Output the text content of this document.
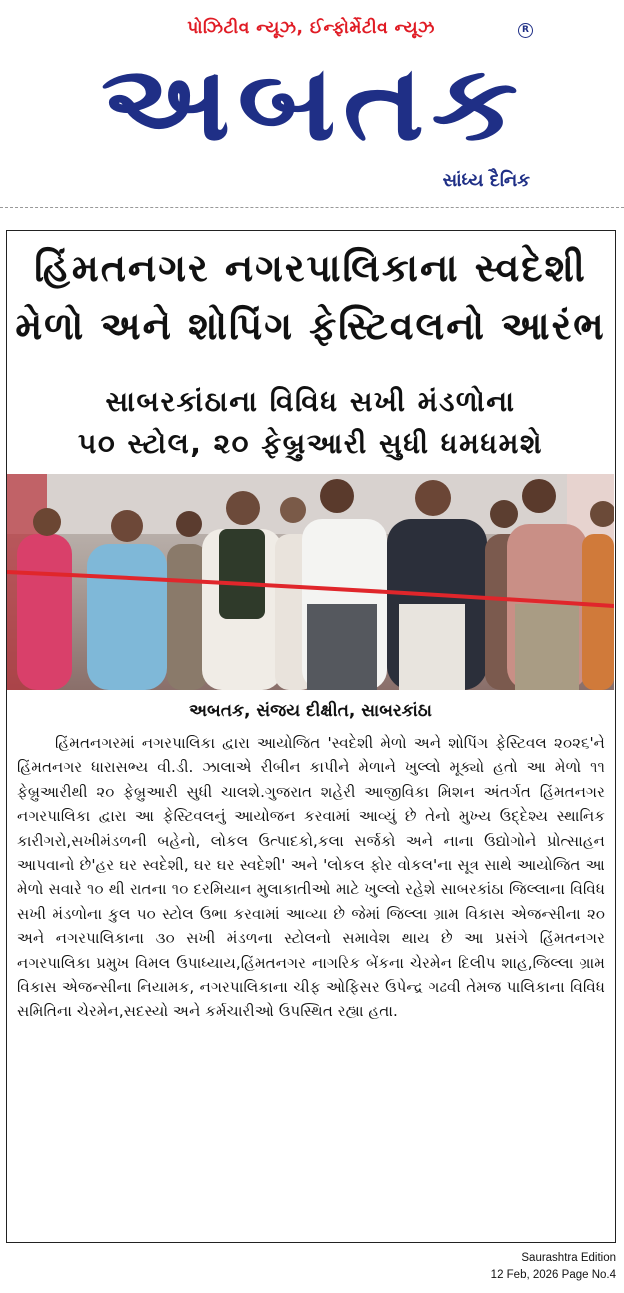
પોઝિટીવ ન્યૂઝ, ઈન્ફોર્મેટીવ ન્યૂઝ	R
અબતક
સાંધ્ય દૈનિક
હિંમતનગર નગરપાલિકાના સ્વદેશી
મેળો અને શોપિંગ ફેસ્ટિવલનો આરંભ
સાબરકાંઠાના વિવિધ સખી મંડળોના
૫૦ સ્ટોલ, ૨૦ ફેબ્રુઆરી સુધી ધમધમશે
અબતક, સંજય દીક્ષીત, સાબરકાંઠા

હિંમતનગરમાં નગરપાલિકા દ્વારા આયોજિત 'સ્વદેશી મેળો અને શોપિંગ ફેસ્ટિવલ ૨૦૨૬'ને હિંમતનગર ધારાસભ્ય વી.ડી. ઝાલાએ રીબીન કાપીને મેળાને ખુલ્લો મૂક્યો હતો આ મેળો ૧૧ ફેબ્રુઆરીથી ૨૦ ફેબ્રુઆરી સુધી ચાલશે.ગુજરાત શહેરી આજીવિકા મિશન અંતર્ગત હિંમતનગર નગરપાલિકા દ્વારા આ ફેસ્ટિવલનું આયોજન કરવામાં આવ્યું છે તેનો મુખ્ય ઉદ્દેશ્ય સ્થાનિક કારીગરો,સખીમંડળની બહેનો, લોકલ ઉત્પાદકો,કલા સર્જકો અને નાના ઉદ્યોગોને પ્રોત્સાહન આપવાનો છે'હર ઘર સ્વદેશી, ઘર ઘર સ્વદેશી' અને 'લોકલ ફોર વોકલ'ના સૂત્ર સાથે આયોજિત આ મેળો સવારે ૧૦ થી રાતના ૧૦ દરમિયાન મુલાકાતીઓ માટે ખુલ્લો રહેશે સાબરકાંઠા જિલ્લાના વિવિધ સખી મંડળોના કુલ ૫૦ સ્ટોલ ઉભા કરવામાં આવ્યા છે જેમાં જિલ્લા ગ્રામ વિકાસ એજન્સીના ૨૦ અને નગરપાલિકાના ૩૦ સખી મંડળના સ્ટોલનો સમાવેશ થાય છે આ પ્રસંગે હિંમતનગર નગરપાલિકા પ્રમુખ વિમલ ઉપાધ્યાય,હિંમતનગર નાગરિક બેંકના ચેરમેન દિલીપ શાહ,જિલ્લા ગ્રામ વિકાસ એજન્સીના નિયામક, નગરપાલિકાના ચીફ ઓફિસર ઉપેન્દ્ર ગઢવી તેમજ પાલિકાના વિવિધ સમિતિના ચેરમેન,સદસ્યો અને કર્મચારીઓ ઉપસ્થિત રહ્યા હતા.

Saurashtra Edition
12 Feb, 2026 Page No.4
